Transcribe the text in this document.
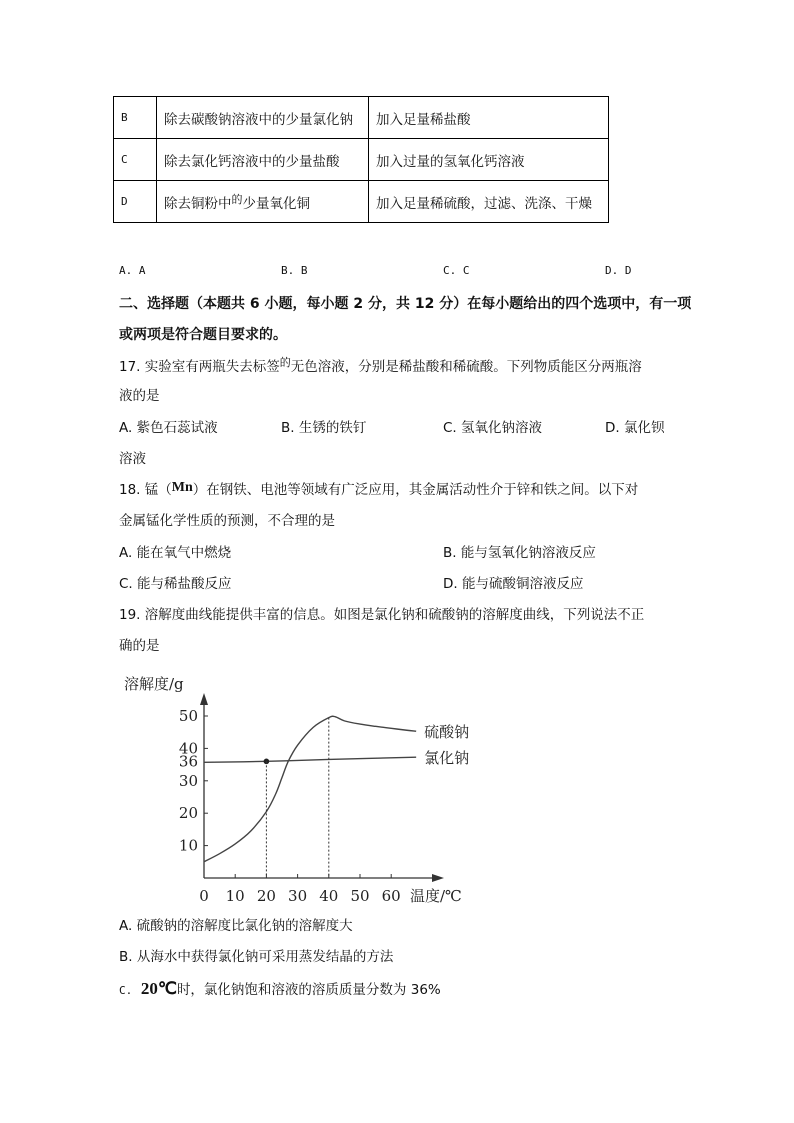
B	除去碳酸钠溶液中的少量氯化钠	加入足量稀盐酸
C	除去氯化钙溶液中的少量盐酸	加入过量的氢氧化钙溶液
D	除去铜粉中$^的$少量氧化铜	加入足量稀硫酸，过滤、洗涤、干燥
A. A	B. B	C. C	D. D
二、选择题（本题共 6 小题，每小题 2 分，共 12 分）在每小题给出的四个选项中，有一项
或两项是符合题目要求的。
17. 实验室有两瓶失去标签$^的$无色溶液，分别是稀盐酸和稀硫酸。下列物质能区分两瓶溶
液的是
A. 紫色石蕊试液	B. 生锈的铁钉	C. 氢氧化钠溶液	D. 氯化钡
溶液
18. 锰（Mn）在钢铁、电池等领域有广泛应用，其金属活动性介于锌和铁之间。以下对
金属锰化学性质的预测，不合理的是
A. 能在氧气中燃烧	B. 能与氢氧化钠溶液反应
C. 能与稀盐酸反应	D. 能与硫酸铜溶液反应
19. 溶解度曲线能提供丰富的信息。如图是氯化钠和硫酸钠的溶解度曲线，下列说法不正
确的是
溶解度/g
温度/℃
0 10 20 30 40 50 60
10
20
30
36
40
50
硫酸钠
氯化钠
A. 硫酸钠的溶解度比氯化钠的溶解度大
B. 从海水中获得氯化钠可采用蒸发结晶的方法
C. 20℃时，氯化钠饱和溶液的溶质质量分数为 36%
